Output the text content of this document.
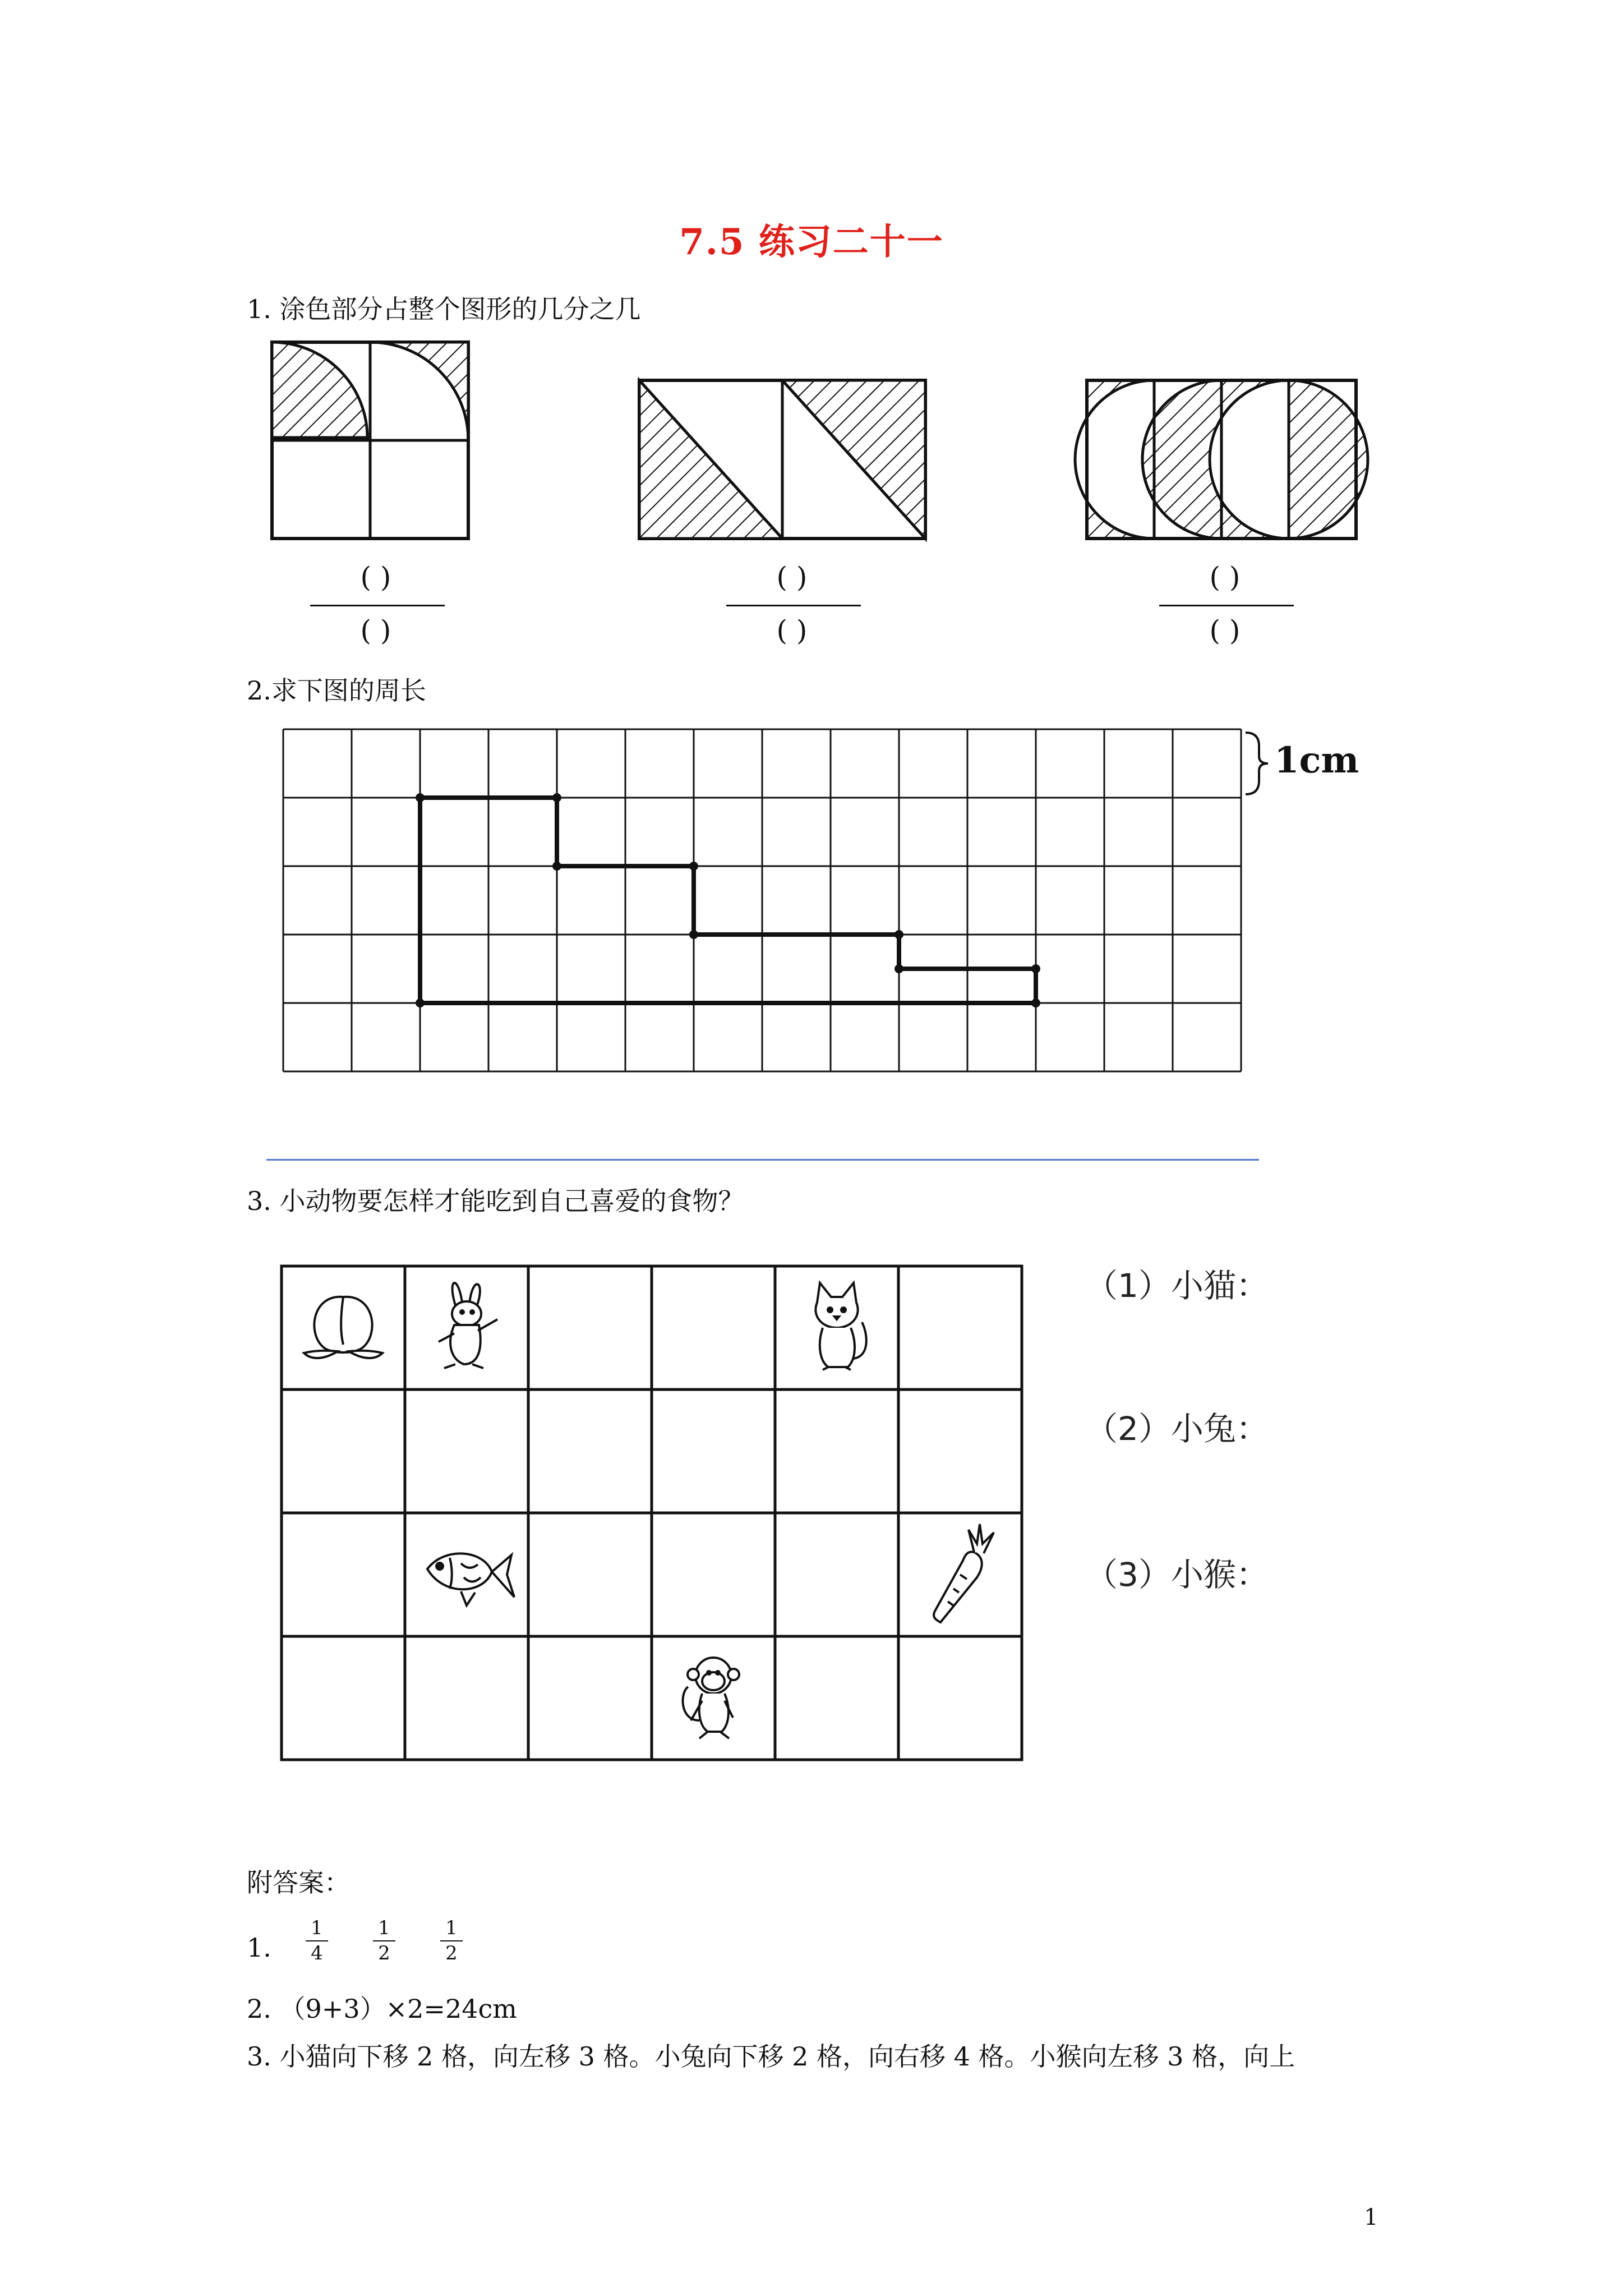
7.5 练习二十一
1. 涂色部分占整个图形的几分之几
( )
( )
( )
( )
( )
( )
2.求下图的周长
1cm
3. 小动物要怎样才能吃到自己喜爱的食物？
（1）小猫：
（2）小兔：
（3）小猴：
附答案：
1.
1
4
1
2
1
2
2. （9+3）×2=24cm
3. 小猫向下移 2 格，向左移 3 格。小兔向下移 2 格，向右移 4 格。小猴向左移 3 格，向上
1
